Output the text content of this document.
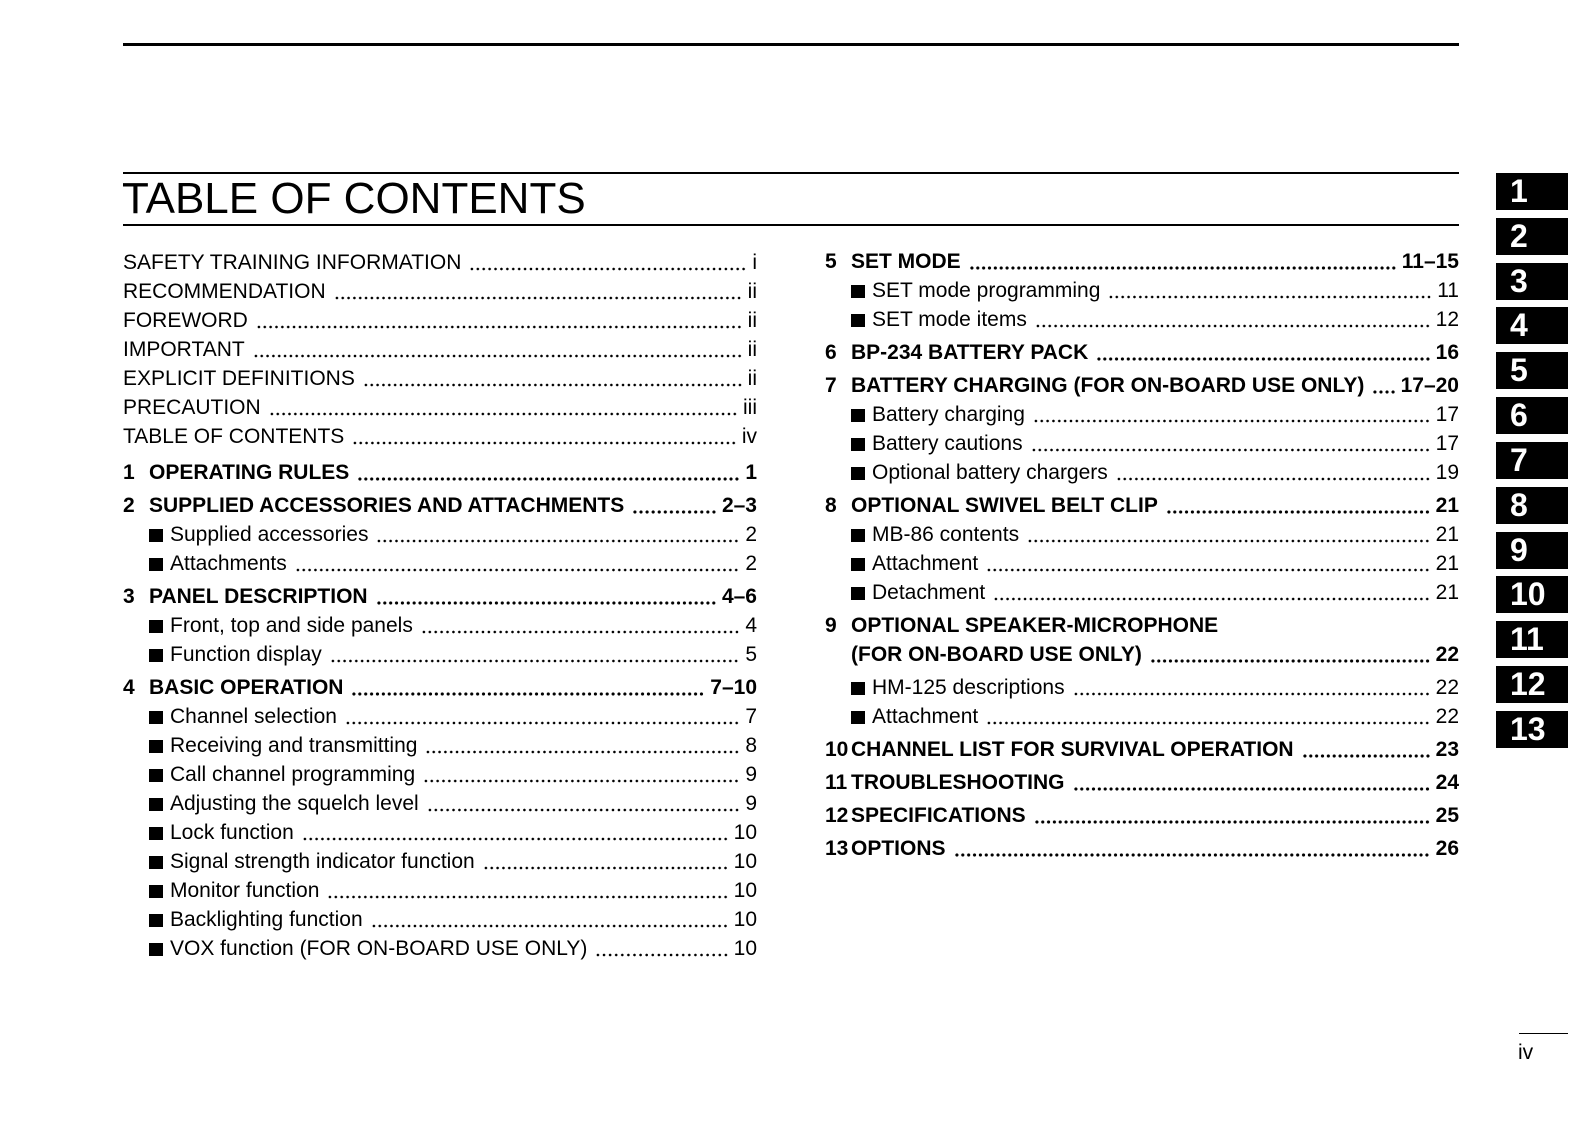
TABLE OF CONTENTS
SAFETY TRAINING INFORMATION	i
RECOMMENDATION	ii
FOREWORD	ii
IMPORTANT	ii
EXPLICIT DEFINITIONS	ii
PRECAUTION	iii
TABLE OF CONTENTS	iv
1 OPERATING RULES	1
2 SUPPLIED ACCESSORIES AND ATTACHMENTS	2–3
Supplied accessories	2
Attachments	2
3 PANEL DESCRIPTION	4–6
Front, top and side panels	4
Function display	5
4 BASIC OPERATION	7–10
Channel selection	7
Receiving and transmitting	8
Call channel programming	9
Adjusting the squelch level	9
Lock function	10
Signal strength indicator function	10
Monitor function	10
Backlighting function	10
VOX function (FOR ON-BOARD USE ONLY)	10
5 SET MODE	11–15
SET mode programming	11
SET mode items	12
6 BP-234 BATTERY PACK	16
7 BATTERY CHARGING (FOR ON-BOARD USE ONLY) 17–20
Battery charging	17
Battery cautions	17
Optional battery chargers	19
8 OPTIONAL SWIVEL BELT CLIP	21
MB-86 contents	21
Attachment	21
Detachment	21
9 OPTIONAL SPEAKER-MICROPHONE
(FOR ON-BOARD USE ONLY)	22
HM-125 descriptions	22
Attachment	22
10 CHANNEL LIST FOR SURVIVAL OPERATION	23
11 TROUBLESHOOTING	24
12 SPECIFICATIONS	25
13 OPTIONS	26
1
2
3
4
5
6
7
8
9
10
11
12
13
iv
